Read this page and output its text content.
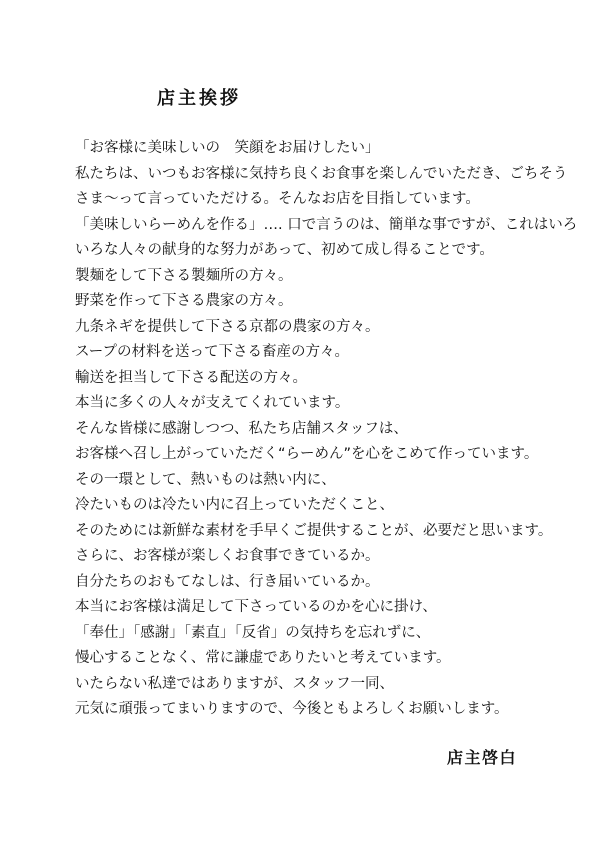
店主挨拶
「お客様に美味しいの　笑顔をお届けしたい」
私たちは、いつもお客様に気持ち良くお食事を楽しんでいただき、ごちそう
さま～って言っていただける。そんなお店を目指しています。
「美味しいらーめんを作る」…. 口で言うのは、簡単な事ですが、これはいろ
いろな人々の献身的な努力があって、初めて成し得ることです。
製麺をして下さる製麺所の方々。
野菜を作って下さる農家の方々。
九条ネギを提供して下さる京都の農家の方々。
スープの材料を送って下さる畜産の方々。
輸送を担当して下さる配送の方々。
本当に多くの人々が支えてくれています。
そんな皆様に感謝しつつ、私たち店舗スタッフは、
お客様へ召し上がっていただく“らーめん”を心をこめて作っています。
その一環として、熱いものは熱い内に、
冷たいものは冷たい内に召上っていただくこと、
そのためには新鮮な素材を手早くご提供することが、必要だと思います。
さらに、お客様が楽しくお食事できているか。
自分たちのおもてなしは、行き届いているか。
本当にお客様は満足して下さっているのかを心に掛け、
「奉仕」「感謝」「素直」「反省」の気持ちを忘れずに、
慢心することなく、常に謙虚でありたいと考えています。
いたらない私達ではありますが、スタッフ一同、
元気に頑張ってまいりますので、今後ともよろしくお願いします。
店主啓白
